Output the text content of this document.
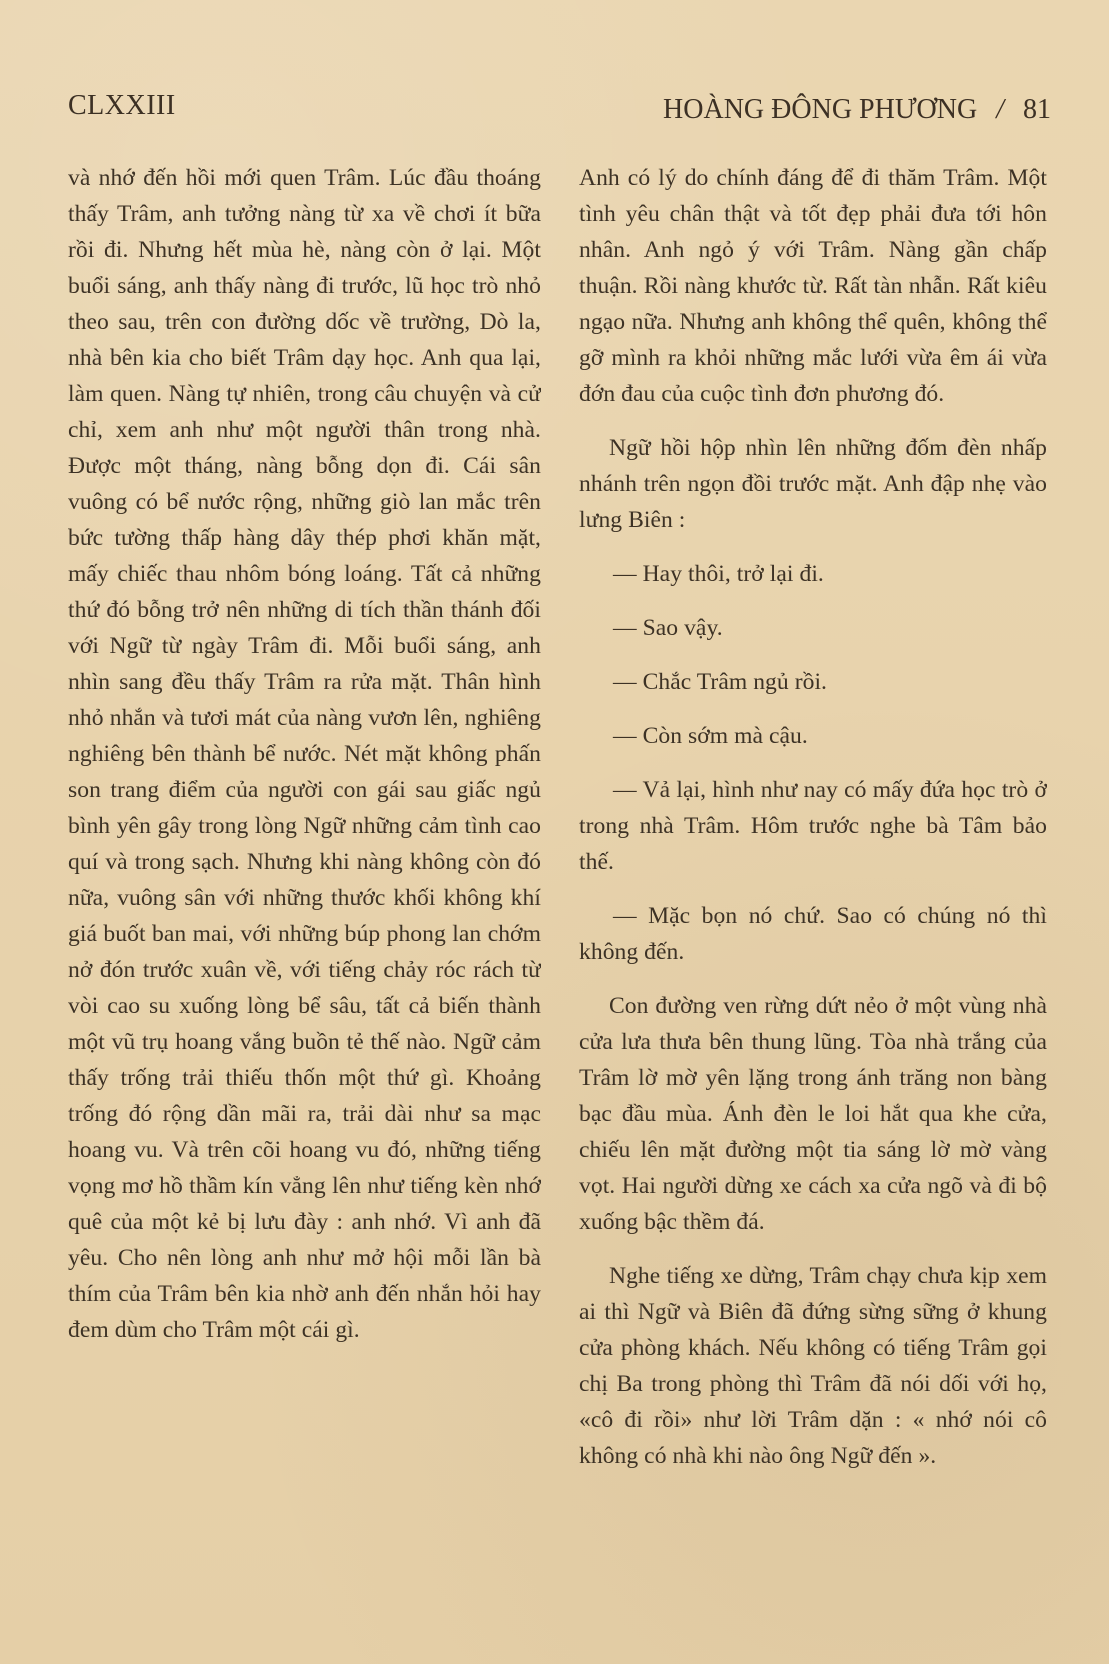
CLXXIII	HOÀNG ĐÔNG PHƯƠNG / 81

và nhớ đến hồi mới quen Trâm. Lúc đầu thoáng thấy Trâm, anh tưởng nàng từ xa về chơi ít bữa rồi đi. Nhưng hết mùa hè, nàng còn ở lại. Một buổi sáng, anh thấy nàng đi trước, lũ học trò nhỏ theo sau, trên con đường dốc về trường, Dò la, nhà bên kia cho biết Trâm dạy học. Anh qua lại, làm quen. Nàng tự nhiên, trong câu chuyện và cử chỉ, xem anh như một người thân trong nhà. Được một tháng, nàng bỗng dọn đi. Cái sân vuông có bể nước rộng, những giò lan mắc trên bức tường thấp hàng dây thép phơi khăn mặt, mấy chiếc thau nhôm bóng loáng. Tất cả những thứ đó bỗng trở nên những di tích thần thánh đối với Ngữ từ ngày Trâm đi. Mỗi buổi sáng, anh nhìn sang đều thấy Trâm ra rửa mặt. Thân hình nhỏ nhắn và tươi mát của nàng vươn lên, nghiêng nghiêng bên thành bể nước. Nét mặt không phấn son trang điểm của người con gái sau giấc ngủ bình yên gây trong lòng Ngữ những cảm tình cao quí và trong sạch. Nhưng khi nàng không còn đó nữa, vuông sân với những thước khối không khí giá buốt ban mai, với những búp phong lan chớm nở đón trước xuân về, với tiếng chảy róc rách từ vòi cao su xuống lòng bể sâu, tất cả biến thành một vũ trụ hoang vắng buồn tẻ thế nào. Ngữ cảm thấy trống trải thiếu thốn một thứ gì. Khoảng trống đó rộng dần mãi ra, trải dài như sa mạc hoang vu. Và trên cõi hoang vu đó, những tiếng vọng mơ hồ thầm kín vẳng lên như tiếng kèn nhớ quê của một kẻ bị lưu đày : anh nhớ. Vì anh đã yêu. Cho nên lòng anh như mở hội mỗi lần bà thím của Trâm bên kia nhờ anh đến nhắn hỏi hay đem dùm cho Trâm một cái gì.

Anh có lý do chính đáng để đi thăm Trâm. Một tình yêu chân thật và tốt đẹp phải đưa tới hôn nhân. Anh ngỏ ý với Trâm. Nàng gần chấp thuận. Rồi nàng khước từ. Rất tàn nhẫn. Rất kiêu ngạo nữa. Nhưng anh không thể quên, không thể gỡ mình ra khỏi những mắc lưới vừa êm ái vừa đớn đau của cuộc tình đơn phương đó.

Ngữ hồi hộp nhìn lên những đốm đèn nhấp nhánh trên ngọn đồi trước mặt. Anh đập nhẹ vào lưng Biên :

— Hay thôi, trở lại đi.

— Sao vậy.

— Chắc Trâm ngủ rồi.

— Còn sớm mà cậu.

— Vả lại, hình như nay có mấy đứa học trò ở trong nhà Trâm. Hôm trước nghe bà Tâm bảo thế.

— Mặc bọn nó chứ. Sao có chúng nó thì không đến.

Con đường ven rừng dứt nẻo ở một vùng nhà cửa lưa thưa bên thung lũng. Tòa nhà trắng của Trâm lờ mờ yên lặng trong ánh trăng non bàng bạc đầu mùa. Ánh đèn le loi hắt qua khe cửa, chiếu lên mặt đường một tia sáng lờ mờ vàng vọt. Hai người dừng xe cách xa cửa ngõ và đi bộ xuống bậc thềm đá.

Nghe tiếng xe dừng, Trâm chạy chưa kịp xem ai thì Ngữ và Biên đã đứng sừng sững ở khung cửa phòng khách. Nếu không có tiếng Trâm gọi chị Ba trong phòng thì Trâm đã nói dối với họ, «cô đi rồi» như lời Trâm dặn : « nhớ nói cô không có nhà khi nào ông Ngữ đến ».
